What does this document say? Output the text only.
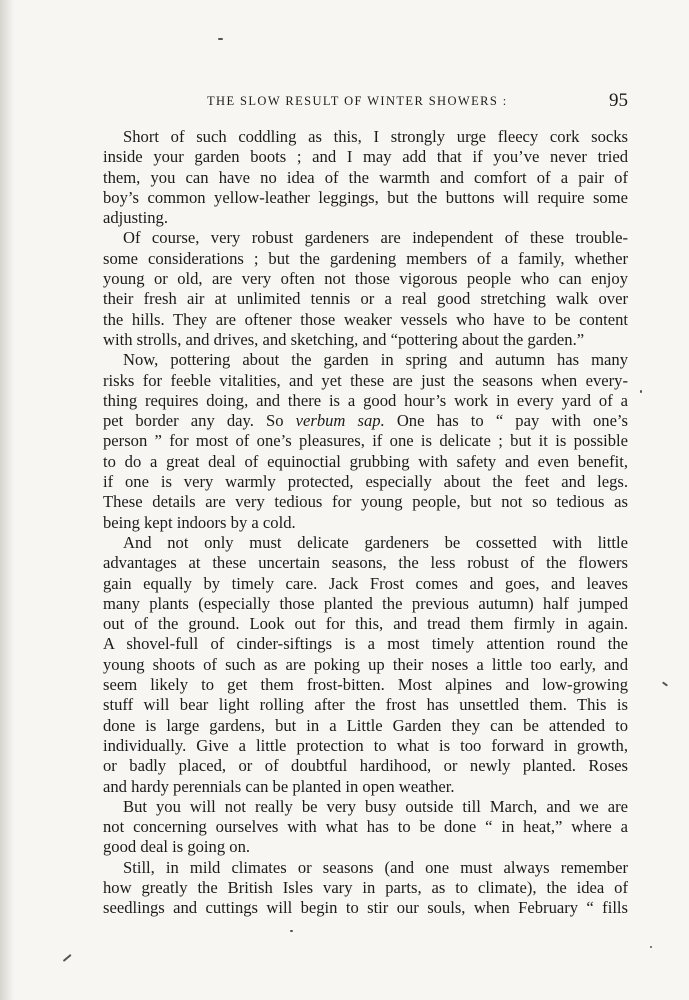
THE SLOW RESULT OF WINTER SHOWERS :	95
Short of such coddling as this, I strongly urge fleecy cork socks
inside your garden boots ; and I may add that if you’ve never tried
them, you can have no idea of the warmth and comfort of a pair of
boy’s common yellow-leather leggings, but the buttons will require some
adjusting.
Of course, very robust gardeners are independent of these trouble-
some considerations ; but the gardening members of a family, whether
young or old, are very often not those vigorous people who can enjoy
their fresh air at unlimited tennis or a real good stretching walk over
the hills. They are oftener those weaker vessels who have to be content
with strolls, and drives, and sketching, and “pottering about the garden.”
Now, pottering about the garden in spring and autumn has many
risks for feeble vitalities, and yet these are just the seasons when every-
thing requires doing, and there is a good hour’s work in every yard of a
pet border any day. So verbum sap. One has to “ pay with one’s
person ” for most of one’s pleasures, if one is delicate ; but it is possible
to do a great deal of equinoctial grubbing with safety and even benefit,
if one is very warmly protected, especially about the feet and legs.
These details are very tedious for young people, but not so tedious as
being kept indoors by a cold.
And not only must delicate gardeners be cossetted with little
advantages at these uncertain seasons, the less robust of the flowers
gain equally by timely care. Jack Frost comes and goes, and leaves
many plants (especially those planted the previous autumn) half jumped
out of the ground. Look out for this, and tread them firmly in again.
A shovel-full of cinder-siftings is a most timely attention round the
young shoots of such as are poking up their noses a little too early, and
seem likely to get them frost-bitten. Most alpines and low-growing
stuff will bear light rolling after the frost has unsettled them. This is
done is large gardens, but in a Little Garden they can be attended to
individually. Give a little protection to what is too forward in growth,
or badly placed, or of doubtful hardihood, or newly planted. Roses
and hardy perennials can be planted in open weather.
But you will not really be very busy outside till March, and we are
not concerning ourselves with what has to be done “ in heat,” where a
good deal is going on.
Still, in mild climates or seasons (and one must always remember
how greatly the British Isles vary in parts, as to climate), the idea of
seedlings and cuttings will begin to stir our souls, when February “ fills
